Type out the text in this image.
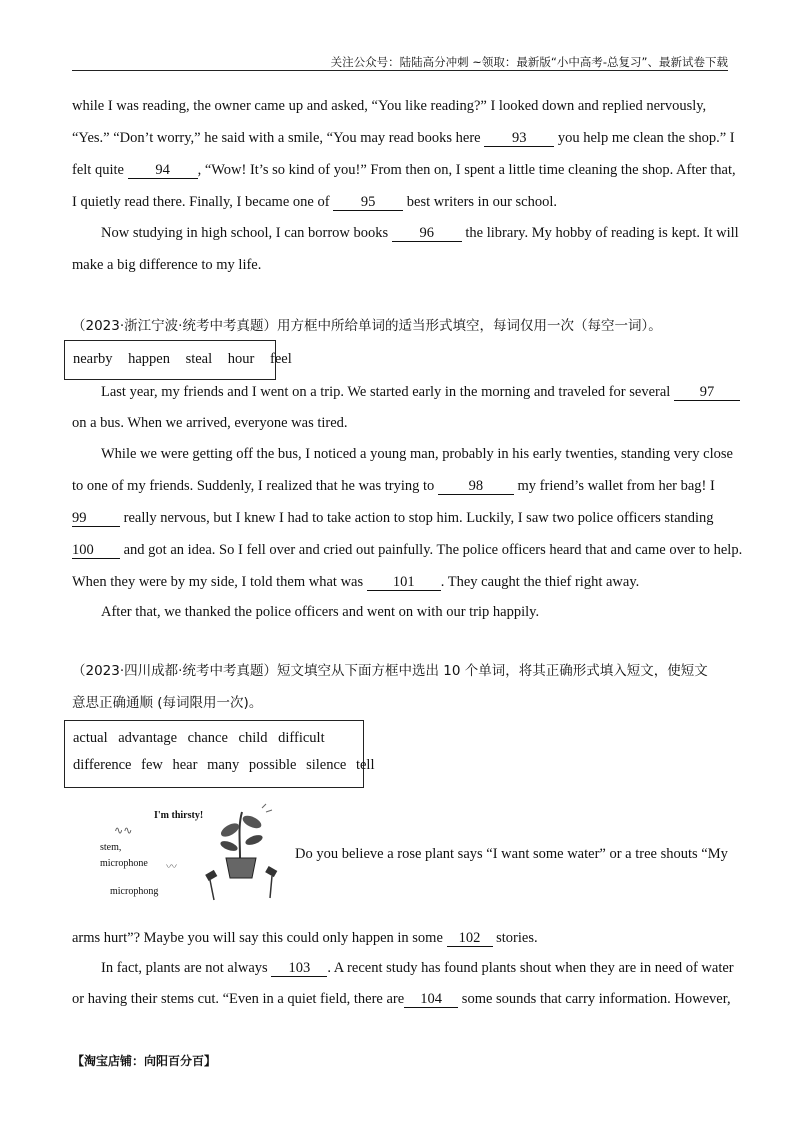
关注公众号：陆陆高分冲刺 ~领取：最新版“小中高考-总复习”、最新试卷下载
while I was reading, the owner came up and asked, “You like reading?” I looked down and replied nervously,
“Yes.” “Don’t worry,” he said with a smile, “You may read books here 93 you help me clean the shop.” I
felt quite 94 , “Wow! It’s so kind of you!” From then on, I spent a little time cleaning the shop. After that,
I quietly read there. Finally, I became one of 95 best writers in our school.
Now studying in high school, I can borrow books 96 the library. My hobby of reading is kept. It will
make a big difference to my life.
（2023·浙江宁波·统考中考真题）用方框中所给单词的适当形式填空，每词仅用一次（每空一词）。
nearby happen steal hour feel
Last year, my friends and I went on a trip. We started early in the morning and traveled for several 97
on a bus. When we arrived, everyone was tired.
While we were getting off the bus, I noticed a young man, probably in his early twenties, standing very close
to one of my friends. Suddenly, I realized that he was trying to 98 my friend’s wallet from her bag! I
99	really nervous, but I knew I had to take action to stop him. Luckily, I saw two police officers standing
100 and got an idea. So I fell over and cried out painfully. The police officers heard that and came over to help.
When they were by my side, I told them what was 101 . They caught the thief right away.
After that, we thanked the police officers and went on with our trip happily.
（2023·四川成都·统考中考真题）短文填空从下面方框中选出 10 个单词，将其正确形式填入短文，使短文
意思正确通顺 (每词限用一次)。
actual advantage chance child difficult
difference few hear many possible silence tell
I'm thirsty!
∿∿
stem,
microphone
microphong
〰
Do you believe a rose plant says “I want some water” or a tree shouts “My
arms hurt”? Maybe you will say this could only happen in some 102 stories.
In fact, plants are not always 103 . A recent study has found plants shout when they are in need of water
or having their stems cut. “Even in a quiet field, there are 104 some sounds that carry information. However,
【淘宝店铺：向阳百分百】
